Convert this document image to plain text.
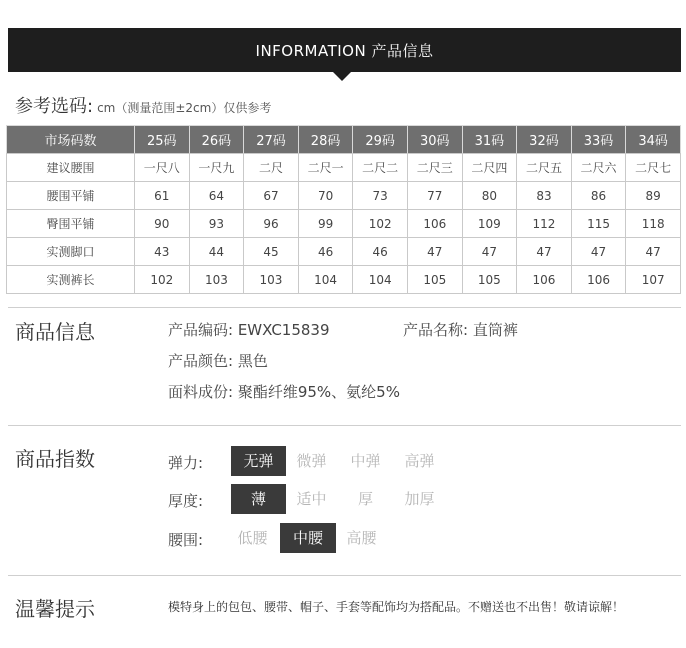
INFORMATION 产品信息
参考选码: cm（测量范围±2cm）仅供参考
市场码数	25码	26码	27码	28码	29码	30码	31码	32码	33码	34码
建议腰围	一尺八	一尺九	二尺	二尺一	二尺二	二尺三	二尺四	二尺五	二尺六	二尺七
腰围平铺	61	64	67	70	73	77	80	83	86	89
臀围平铺	90	93	96	99	102	106	109	112	115	118
实测脚口	43	44	45	46	46	47	47	47	47	47
实测裤长	102	103	103	104	104	105	105	106	106	107
商品信息	产品编码: EWXC15839	产品名称: 直筒裤
产品颜色: 黑色
面料成份: 聚酯纤维95%、氨纶5%
商品指数	弹力:	无弹	微弹	中弹	高弹
厚度:	薄	适中	厚	加厚
腰围:	低腰	中腰	高腰
温馨提示	模特身上的包包、腰带、帽子、手套等配饰均为搭配品。不赠送也不出售！敬请谅解！
